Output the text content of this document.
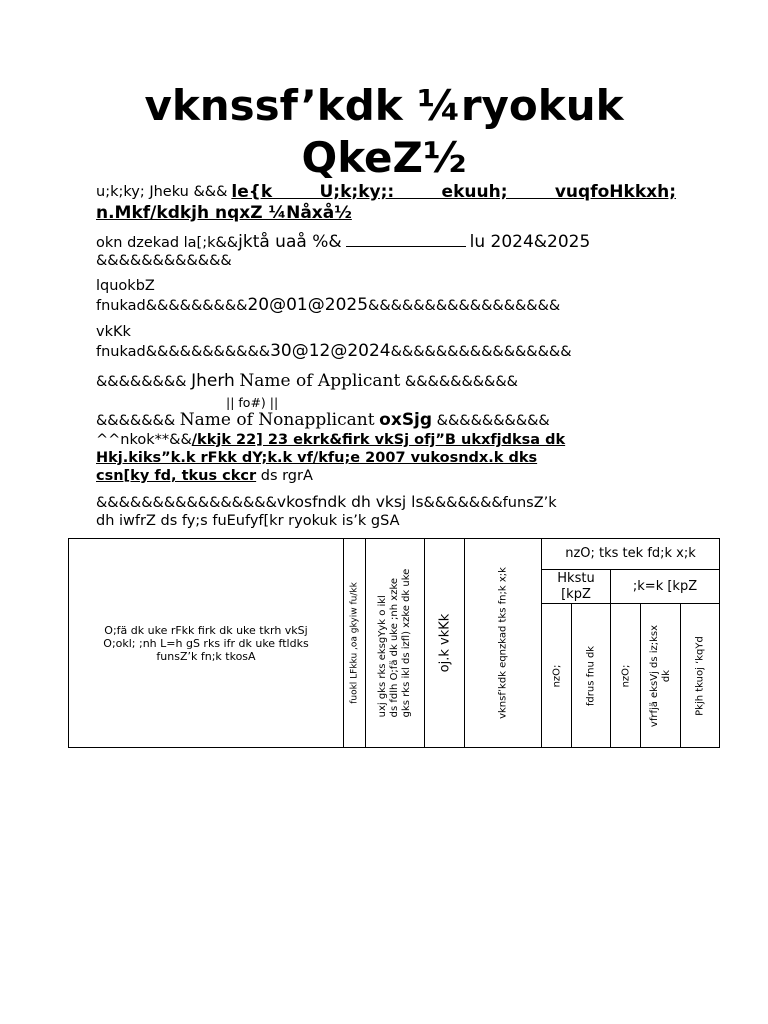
vknssf’kdk ¼ryokuk QkeZ½
u;k;ky; Jheku &&& le{k U;k;ky;: ekuuh; vuqfoHkkxh;
n.Mkf/kdkjh nqxZ ¼Nåxå½
okn dzekad la[;k&&jktå uaå %&	lu 2024&2025
&&&&&&&&&&&&
lquokbZ
fnukad&&&&&&&&&20@01@2025&&&&&&&&&&&&&&&&&
vkKk
fnukad&&&&&&&&&&&30@12@2024&&&&&&&&&&&&&&&&
&&&&&&&& Jherh Name of Applicant &&&&&&&&&&
|| fo#) ||
&&&&&&& Name of Nonapplicant oxSjg &&&&&&&&&&
^^nkok**&&/kkjk 22] 23 ekrk&firk vkSj ofj”B ukxfjdksa dk
Hkj.kiks”k.k rFkk dY;k.k vf/kfu;e 2007 vukosndx.k dks
csn[ky fd, tkus ckcr ds rgrA
&&&&&&&&&&&&&&&&vkosfndk dh vksj ls&&&&&&&funsZ’k
dh iwfrZ ds fy;s fuEufyf[kr ryokuk is’k gSA
O;fä dk uke rFkk firk dk uke tkrh vkSj O;okl; ;nh L=h gS rks ifr dk uke ftldks funsZ’k fn;k tkosA	fuokl LFkku ,oa gkyiw fu/kk	uxj gks rks eksgYyk o ikl ds fdlh O;fä dk uke ;nh xzke gks rks ikl ds izfl) xzke dk uke	oj.k vkKk	vknsf’kdk eqnzkad tks fn;k x;k	nzO; tks tek fd;k x;k				
					Hkstu [kpZ		;k=k [kpZ		

					nzO;	fdrus fnu dk	nzO;	vfrfjä eksVj ds iz;ksx dk	Pkjh tkuoj ‘kqYd
